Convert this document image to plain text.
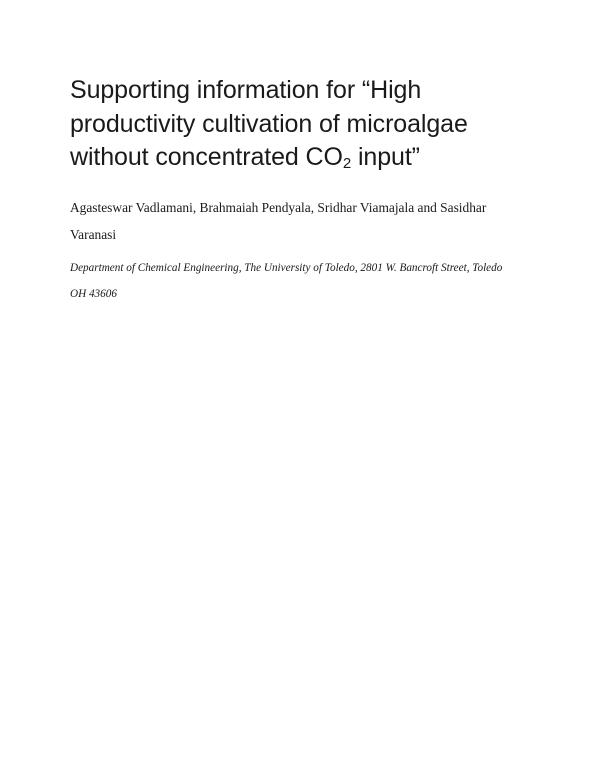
Supporting information for “High
productivity cultivation of microalgae
without concentrated $CO_2$ input”

Agasteswar Vadlamani, Brahmaiah Pendyala, Sridhar Viamajala and Sasidhar
Varanasi

Department of Chemical Engineering, The University of Toledo, 2801 W. Bancroft Street, Toledo
OH 43606
